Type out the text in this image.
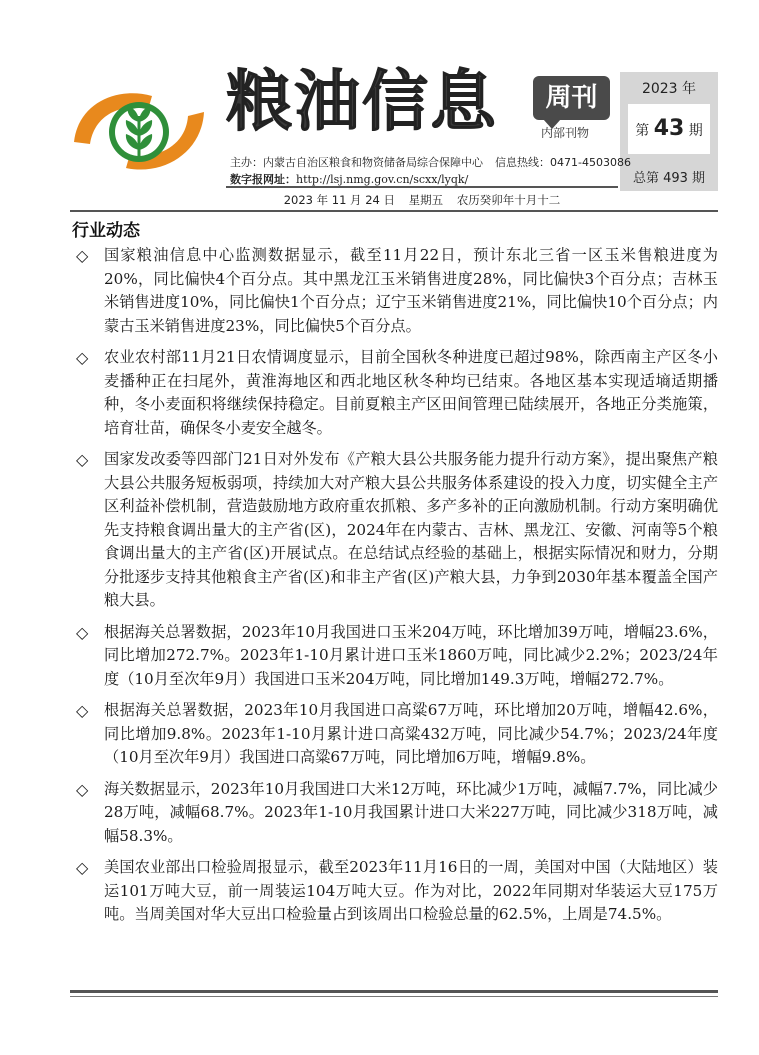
粮油信息	周刊
内部刊物
2023 年
第 43 期
总第 493 期
主办：内蒙古自治区粮食和物资储备局综合保障中心 信息热线：0471-4503086
数字报网址：http://lsj.nmg.gov.cn/scxx/lyqk/
2023 年 11 月 24 日 星期五 农历癸卯年十月十二
行业动态
◇ 国家粮油信息中心监测数据显示，截至11月22日，预计东北三省一区玉米售粮进度为20%，同比偏快4个百分点。其中黑龙江玉米销售进度28%，同比偏快3个百分点；吉林玉米销售进度10%，同比偏快1个百分点；辽宁玉米销售进度21%，同比偏快10个百分点；内蒙古玉米销售进度23%，同比偏快5个百分点。
◇ 农业农村部11月21日农情调度显示，目前全国秋冬种进度已超过98%，除西南主产区冬小麦播种正在扫尾外，黄淮海地区和西北地区秋冬种均已结束。各地区基本实现适墒适期播种，冬小麦面积将继续保持稳定。目前夏粮主产区田间管理已陆续展开，各地正分类施策，培育壮苗，确保冬小麦安全越冬。
◇ 国家发改委等四部门21日对外发布《产粮大县公共服务能力提升行动方案》，提出聚焦产粮大县公共服务短板弱项，持续加大对产粮大县公共服务体系建设的投入力度，切实健全主产区利益补偿机制，营造鼓励地方政府重农抓粮、多产多补的正向激励机制。行动方案明确优先支持粮食调出量大的主产省(区)，2024年在内蒙古、吉林、黑龙江、安徽、河南等5个粮食调出量大的主产省(区)开展试点。在总结试点经验的基础上，根据实际情况和财力，分期分批逐步支持其他粮食主产省(区)和非主产省(区)产粮大县，力争到2030年基本覆盖全国产粮大县。
◇ 根据海关总署数据，2023年10月我国进口玉米204万吨，环比增加39万吨，增幅23.6%，同比增加272.7%。2023年1-10月累计进口玉米1860万吨，同比减少2.2%；2023/24年度（10月至次年9月）我国进口玉米204万吨，同比增加149.3万吨，增幅272.7%。
◇ 根据海关总署数据，2023年10月我国进口高粱67万吨，环比增加20万吨，增幅42.6%，同比增加9.8%。2023年1-10月累计进口高粱432万吨，同比减少54.7%；2023/24年度（10月至次年9月）我国进口高粱67万吨，同比增加6万吨，增幅9.8%。
◇ 海关数据显示，2023年10月我国进口大米12万吨，环比减少1万吨，减幅7.7%，同比减少28万吨，减幅68.7%。2023年1-10月我国累计进口大米227万吨，同比减少318万吨，减幅58.3%。
◇ 美国农业部出口检验周报显示，截至2023年11月16日的一周，美国对中国（大陆地区）装运101万吨大豆，前一周装运104万吨大豆。作为对比，2022年同期对华装运大豆175万吨。当周美国对华大豆出口检验量占到该周出口检验总量的62.5%，上周是74.5%。
